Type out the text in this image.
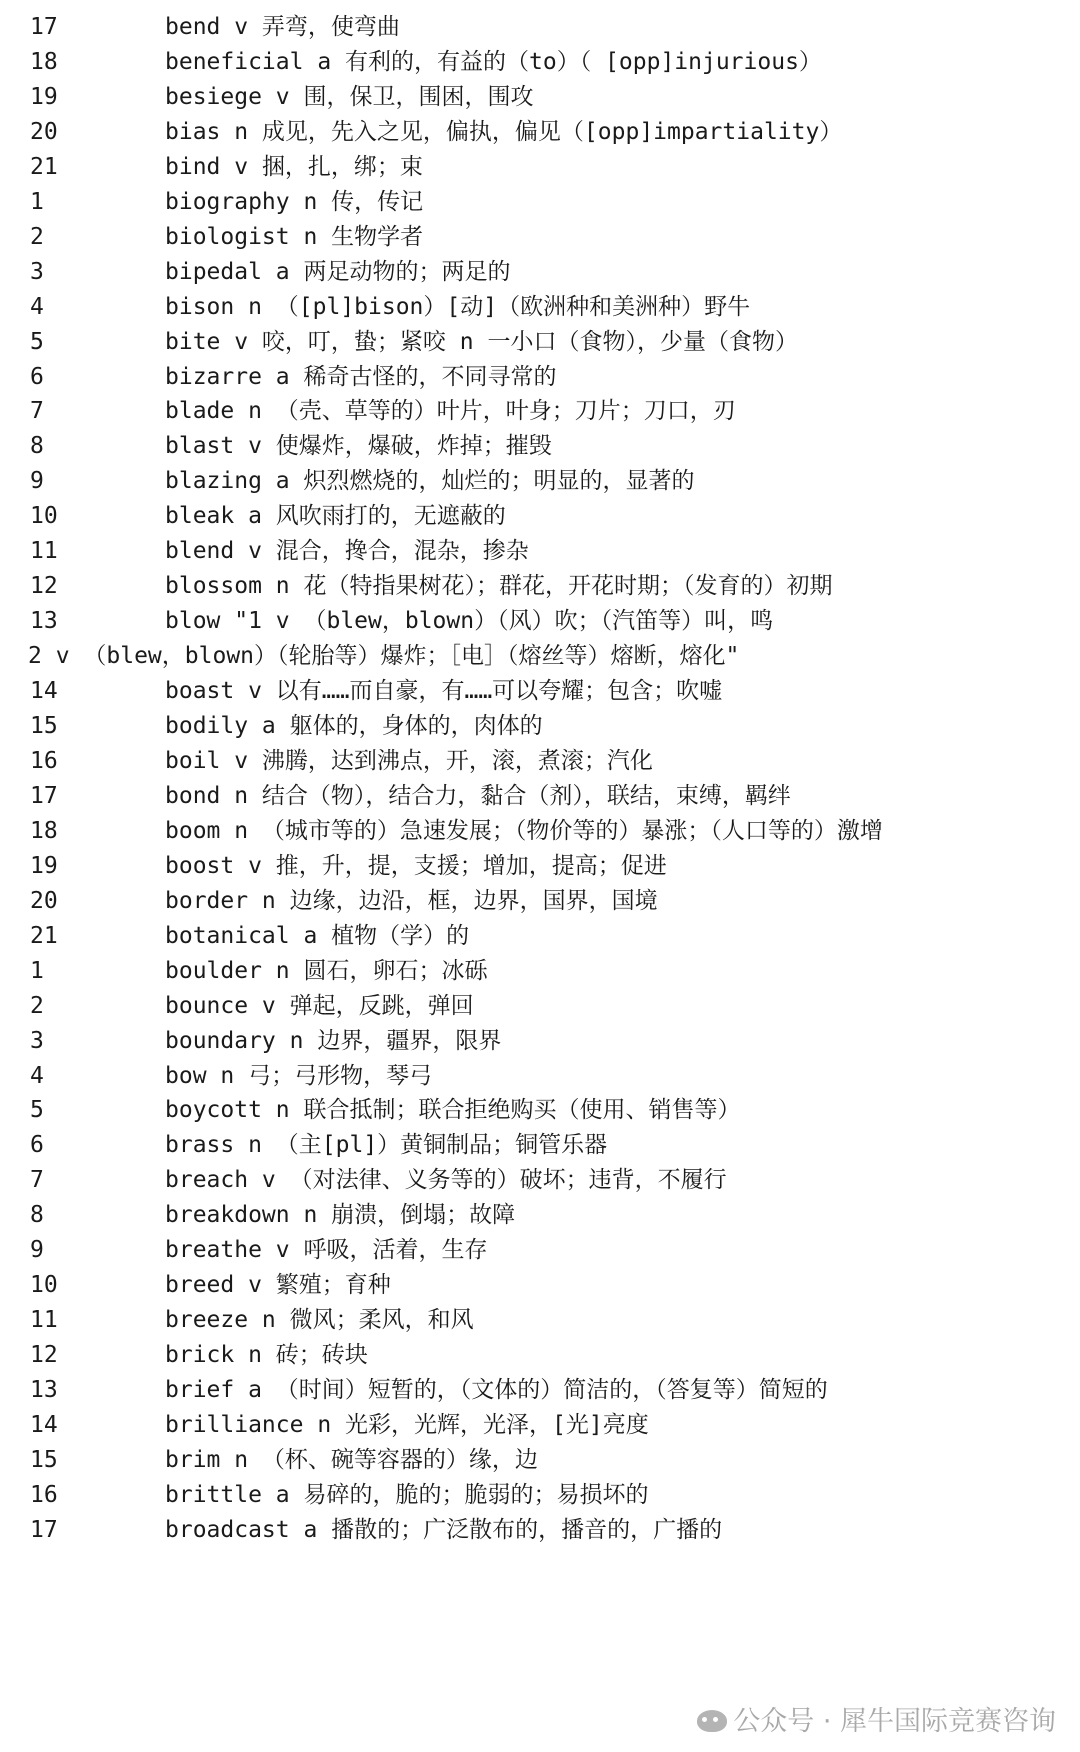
17	bend v 弄弯，使弯曲
18	beneficial a 有利的，有益的（to）（ [opp]injurious）
19	besiege v 围，保卫，围困，围攻
20	bias n 成见，先入之见，偏执，偏见（[opp]impartiality）
21	bind v 捆，扎，绑；束
1	biography n 传，传记
2	biologist n 生物学者
3	bipedal a 两足动物的；两足的
4	bison n （[pl]bison）[动]（欧洲种和美洲种）野牛
5	bite v 咬，叮，蛰；紧咬 n 一小口（食物），少量（食物）
6	bizarre a 稀奇古怪的，不同寻常的
7	blade n （壳、草等的）叶片，叶身；刀片；刀口，刃
8	blast v 使爆炸，爆破，炸掉；摧毁
9	blazing a 炽烈燃烧的，灿烂的；明显的，显著的
10	bleak a 风吹雨打的，无遮蔽的
11	blend v 混合，搀合，混杂，掺杂
12	blossom n 花（特指果树花）；群花，开花时期；（发育的）初期
13	blow "1 v （blew，blown）（风）吹；（汽笛等）叫，鸣
2 v （blew，blown）（轮胎等）爆炸；［电］（熔丝等）熔断，熔化"
14	boast v 以有……而自豪，有……可以夸耀；包含；吹嘘
15	bodily a 躯体的，身体的，肉体的
16	boil v 沸腾，达到沸点，开，滚，煮滚；汽化
17	bond n 结合（物），结合力，黏合（剂），联结，束缚，羁绊
18	boom n （城市等的）急速发展；（物价等的）暴涨；（人口等的）激增
19	boost v 推，升，提，支援；增加，提高；促进
20	border n 边缘，边沿，框，边界，国界，国境
21	botanical a 植物（学）的
1	boulder n 圆石，卵石；冰砾
2	bounce v 弹起，反跳，弹回
3	boundary n 边界，疆界，限界
4	bow n 弓；弓形物，琴弓
5	boycott n 联合抵制；联合拒绝购买（使用、销售等）
6	brass n （主[pl]）黄铜制品；铜管乐器
7	breach v （对法律、义务等的）破坏；违背，不履行
8	breakdown n 崩溃，倒塌；故障
9	breathe v 呼吸，活着，生存
10	breed v 繁殖；育种
11	breeze n 微风；柔风，和风
12	brick n 砖；砖块
13	brief a （时间）短暂的，（文体的）简洁的，（答复等）简短的
14	brilliance n 光彩，光辉，光泽，[光]亮度
15	brim n （杯、碗等容器的）缘，边
16	brittle a 易碎的，脆的；脆弱的；易损坏的
17	broadcast a 播散的；广泛散布的，播音的，广播的
公众号 · 犀牛国际竞赛咨询
